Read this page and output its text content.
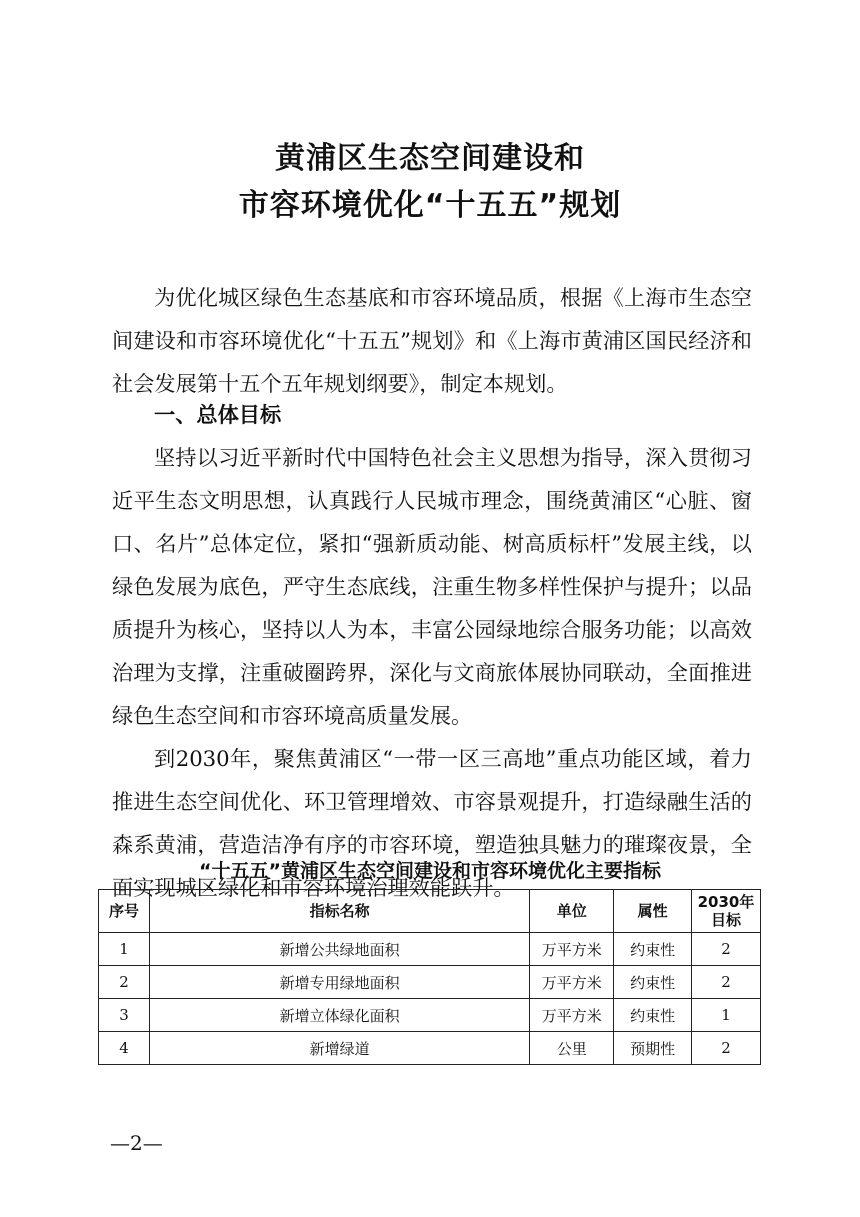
黄浦区生态空间建设和
市容环境优化“十五五”规划

为优化城区绿色生态基底和市容环境品质，根据《上海市生态空间建设和市容环境优化“十五五”规划》和《上海市黄浦区国民经济和社会发展第十五个五年规划纲要》，制定本规划。

一、总体目标

坚持以习近平新时代中国特色社会主义思想为指导，深入贯彻习近平生态文明思想，认真践行人民城市理念，围绕黄浦区“心脏、窗口、名片”总体定位，紧扣“强新质动能、树高质标杆”发展主线，以绿色发展为底色，严守生态底线，注重生物多样性保护与提升；以品质提升为核心，坚持以人为本，丰富公园绿地综合服务功能；以高效治理为支撑，注重破圈跨界，深化与文商旅体展协同联动，全面推进绿色生态空间和市容环境高质量发展。

到2030年，聚焦黄浦区“一带一区三高地”重点功能区域，着力推进生态空间优化、环卫管理增效、市容景观提升，打造绿融生活的森系黄浦，营造洁净有序的市容环境，塑造独具魅力的璀璨夜景，全面实现城区绿化和市容环境治理效能跃升。

“十五五”黄浦区生态空间建设和市容环境优化主要指标
序号	指标名称	单位	属性	2030年
目标
1	新增公共绿地面积	万平方米	约束性	2
2	新增专用绿地面积	万平方米	约束性	2
3	新增立体绿化面积	万平方米	约束性	1
4	新增绿道	公里	预期性	2
—2—
